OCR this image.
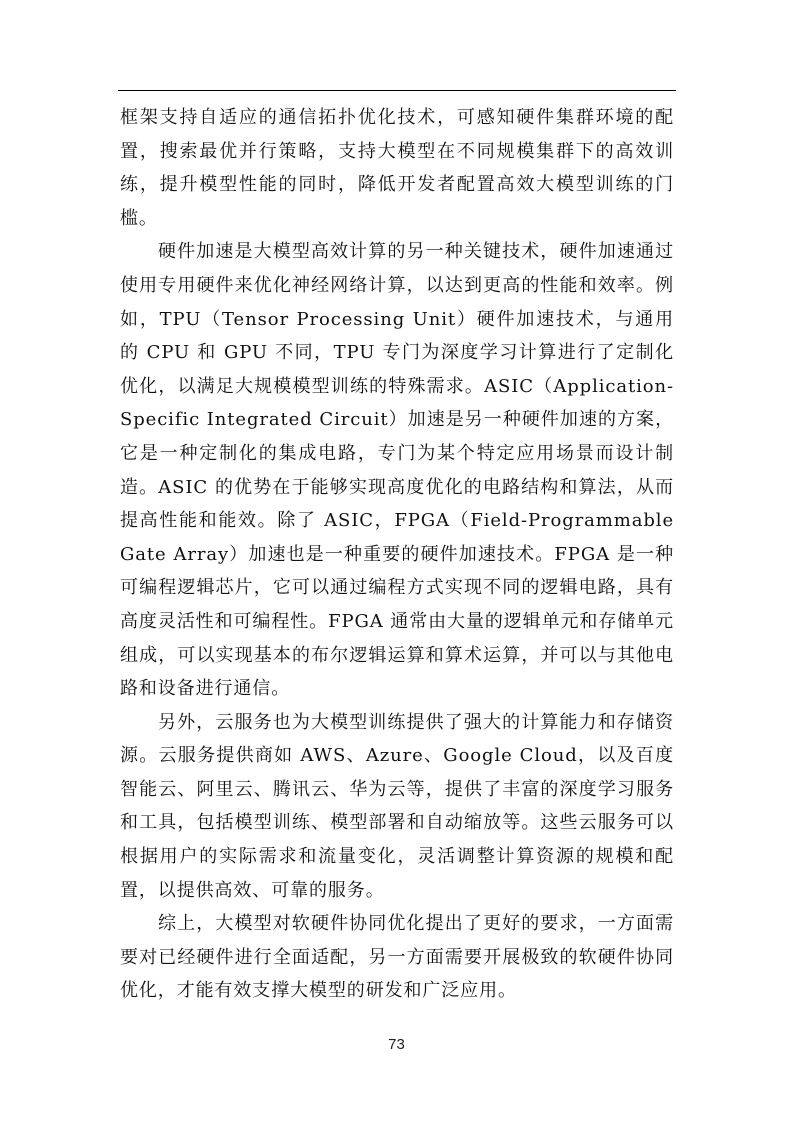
框架支持自适应的通信拓扑优化技术，可感知硬件集群环境的配置，搜索最优并行策略，支持大模型在不同规模集群下的高效训练，提升模型性能的同时，降低开发者配置高效大模型训练的门槛。

硬件加速是大模型高效计算的另一种关键技术，硬件加速通过使用专用硬件来优化神经网络计算，以达到更高的性能和效率。例如，TPU（Tensor Processing Unit）硬件加速技术，与通用的 CPU 和 GPU 不同，TPU 专门为深度学习计算进行了定制化优化，以满足大规模模型训练的特殊需求。ASIC（Application-Specific Integrated Circuit）加速是另一种硬件加速的方案，它是一种定制化的集成电路，专门为某个特定应用场景而设计制造。ASIC 的优势在于能够实现高度优化的电路结构和算法，从而提高性能和能效。除了 ASIC，FPGA（Field-Programmable Gate Array）加速也是一种重要的硬件加速技术。FPGA 是一种可编程逻辑芯片，它可以通过编程方式实现不同的逻辑电路，具有高度灵活性和可编程性。FPGA 通常由大量的逻辑单元和存储单元组成，可以实现基本的布尔逻辑运算和算术运算，并可以与其他电路和设备进行通信。

另外，云服务也为大模型训练提供了强大的计算能力和存储资源。云服务提供商如 AWS、Azure、Google Cloud，以及百度智能云、阿里云、腾讯云、华为云等，提供了丰富的深度学习服务和工具，包括模型训练、模型部署和自动缩放等。这些云服务可以根据用户的实际需求和流量变化，灵活调整计算资源的规模和配置，以提供高效、可靠的服务。

综上，大模型对软硬件协同优化提出了更好的要求，一方面需要对已经硬件进行全面适配，另一方面需要开展极致的软硬件协同优化，才能有效支撑大模型的研发和广泛应用。

73
